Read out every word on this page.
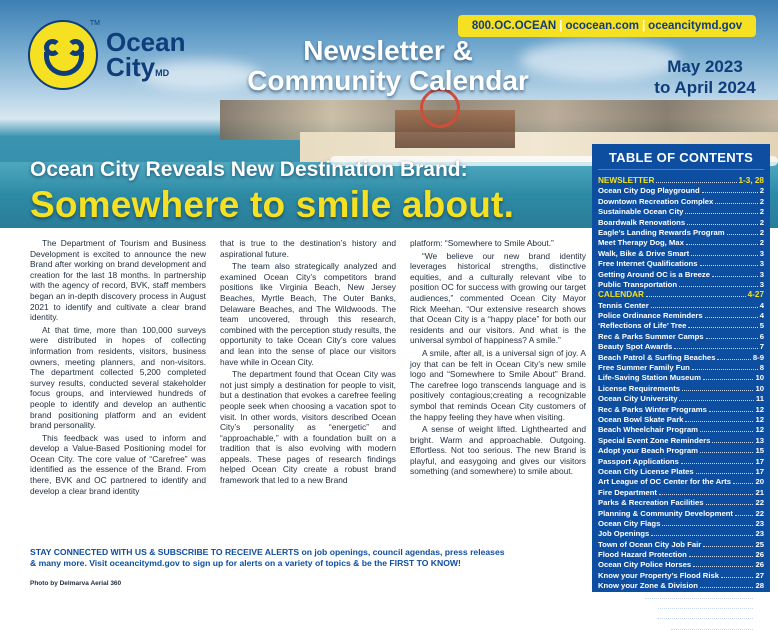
TM
Ocean
CityMD
800.OC.OCEAN | ococean.com | oceancitymd.gov
Newsletter &
Community Calendar	May 2023
to April 2024
Ocean City Reveals New Destination Brand:
Somewhere to smile about.

The Department of Tourism and Business Development is excited to announce the new Brand after working on brand development and creation for the last 18 months. In partnership with the agency of record, BVK, staff members began an in-depth discovery process in August 2021 to identify and cultivate a clear brand identity.

At that time, more than 100,000 surveys were distributed in hopes of collecting information from residents, visitors, business owners, meeting planners, and non-visitors. The department collected 5,200 completed survey results, conducted several stakeholder focus groups, and interviewed hundreds of people to identify and develop an authentic brand positioning platform and an evident brand personality.

This feedback was used to inform and develop a Value-Based Positioning model for Ocean City. The core value of “Carefree” was identified as the essence of the Brand. From there, BVK and OC partnered to identify and develop a clear brand identity

that is true to the destination’s history and aspirational future.

The team also strategically analyzed and examined Ocean City’s competitors brand positions like Virginia Beach, New Jersey Beaches, Myrtle Beach, The Outer Banks, Delaware Beaches, and The Wildwoods. The team uncovered, through this research, combined with the perception study results, the opportunity to take Ocean City’s core values and lean into the sense of place our visitors have while in Ocean City.

The department found that Ocean City was not just simply a destination for people to visit, but a destination that evokes a carefree feeling people seek when choosing a vacation spot to visit. In other words, visitors described Ocean City’s personality as “energetic” and “approachable,” with a foundation built on a tradition that is also evolving with modern appeals. These pages of research findings helped Ocean City create a robust brand framework that led to a new Brand

platform: “Somewhere to Smile About.”

“We believe our new brand identity leverages historical strengths, distinctive equities, and a culturally relevant vibe to position OC for success with growing our target audiences,” commented Ocean City Mayor Rick Meehan. “Our extensive research shows that Ocean City is a “happy place” for both our residents and our visitors. And what is the universal symbol of happiness? A smile.”

A smile, after all, is a universal sign of joy. A joy that can be felt in Ocean City’s new smile logo and “Somewhere to Smile About” Brand. The carefree logo transcends language and is positively contagious;creating a recognizable symbol that reminds Ocean City customers of the happy feeling they have when visiting.

A sense of weight lifted. Lighthearted and bright. Warm and approachable. Outgoing. Effortless. Not too serious. The new Brand is playful, and easygoing and gives our visitors something (and somewhere) to smile about.

TABLE OF CONTENTS
NEWSLETTER	1-3, 28
Ocean City Dog Playground	2
Downtown Recreation Complex	2
Sustainable Ocean City	2
Boardwalk Renovations	2
Eagle’s Landing Rewards Program	2
Meet Therapy Dog, Max	2
Walk, Bike & Drive Smart	3
Free Internet Qualifications	3
Getting Around OC is a Breeze	3
Public Transportation	3
CALENDAR	4-27
Tennis Center	4
Police Ordinance Reminders	4
‘Reflections of Life’ Tree	5
Rec & Parks Summer Camps	6
Beauty Spot Awards	7
Beach Patrol & Surfing Beaches	8-9
Free Summer Family Fun	8
Life-Saving Station Museum	10
License Requirements	10
Ocean City University	11
Rec & Parks Winter Programs	12
Ocean Bowl Skate Park	12
Beach Wheelchair Program	12
Special Event Zone Reminders	13
Adopt your Beach Program	15
Passport Applications	17
Ocean City License Plates	17
Art League of OC Center for the Arts	20
Fire Department	21
Parks & Recreation Facilities	22
Planning & Community Development	22
Ocean City Flags	23
Job Openings	23
Town of Ocean City Job Fair	25
Flood Hazard Protection	26
Ocean City Police Horses	26
Know your Property’s Flood Risk	27
Know your Zone & Division	28
City Council	28
From the Mayor	28
From the Editor	28
Important Numbers	28
STAY CONNECTED WITH US & SUBSCRIBE TO RECEIVE ALERTS on job openings, council agendas, press releases
& many more. Visit oceancitymd.gov to sign up for alerts on a variety of topics & be the FIRST TO KNOW!
Photo by Delmarva Aerial 360
